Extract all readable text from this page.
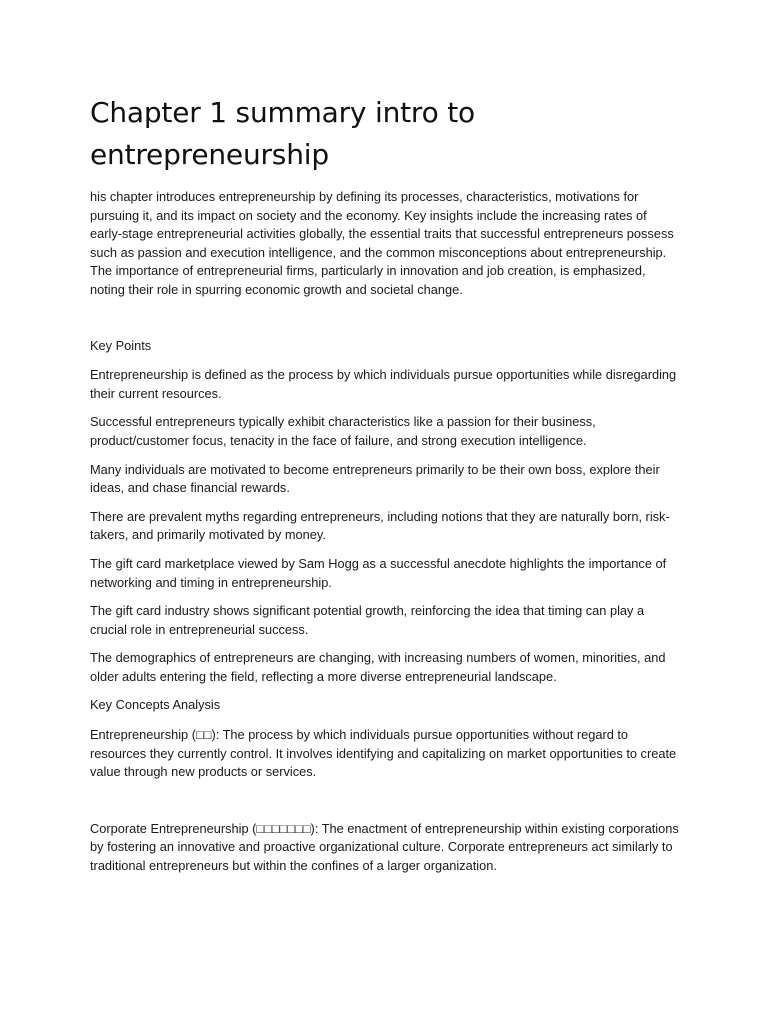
Chapter 1 summary intro to entrepreneurship

his chapter introduces entrepreneurship by defining its processes, characteristics, motivations for pursuing it, and its impact on society and the economy. Key insights include the increasing rates of early-stage entrepreneurial activities globally, the essential traits that successful entrepreneurs possess such as passion and execution intelligence, and the common misconceptions about entrepreneurship. The importance of entrepreneurial firms, particularly in innovation and job creation, is emphasized, noting their role in spurring economic growth and societal change.

Key Points

Entrepreneurship is defined as the process by which individuals pursue opportunities while disregarding their current resources.

Successful entrepreneurs typically exhibit characteristics like a passion for their business, product/customer focus, tenacity in the face of failure, and strong execution intelligence.

Many individuals are motivated to become entrepreneurs primarily to be their own boss, explore their ideas, and chase financial rewards.

There are prevalent myths regarding entrepreneurs, including notions that they are naturally born, risk-takers, and primarily motivated by money.

The gift card marketplace viewed by Sam Hogg as a successful anecdote highlights the importance of networking and timing in entrepreneurship.

The gift card industry shows significant potential growth, reinforcing the idea that timing can play a crucial role in entrepreneurial success.

The demographics of entrepreneurs are changing, with increasing numbers of women, minorities, and older adults entering the field, reflecting a more diverse entrepreneurial landscape.

Key Concepts Analysis

Entrepreneurship (□□): The process by which individuals pursue opportunities without regard to resources they currently control. It involves identifying and capitalizing on market opportunities to create value through new products or services.

Corporate Entrepreneurship (□□□□□□□): The enactment of entrepreneurship within existing corporations by fostering an innovative and proactive organizational culture. Corporate entrepreneurs act similarly to traditional entrepreneurs but within the confines of a larger organization.
